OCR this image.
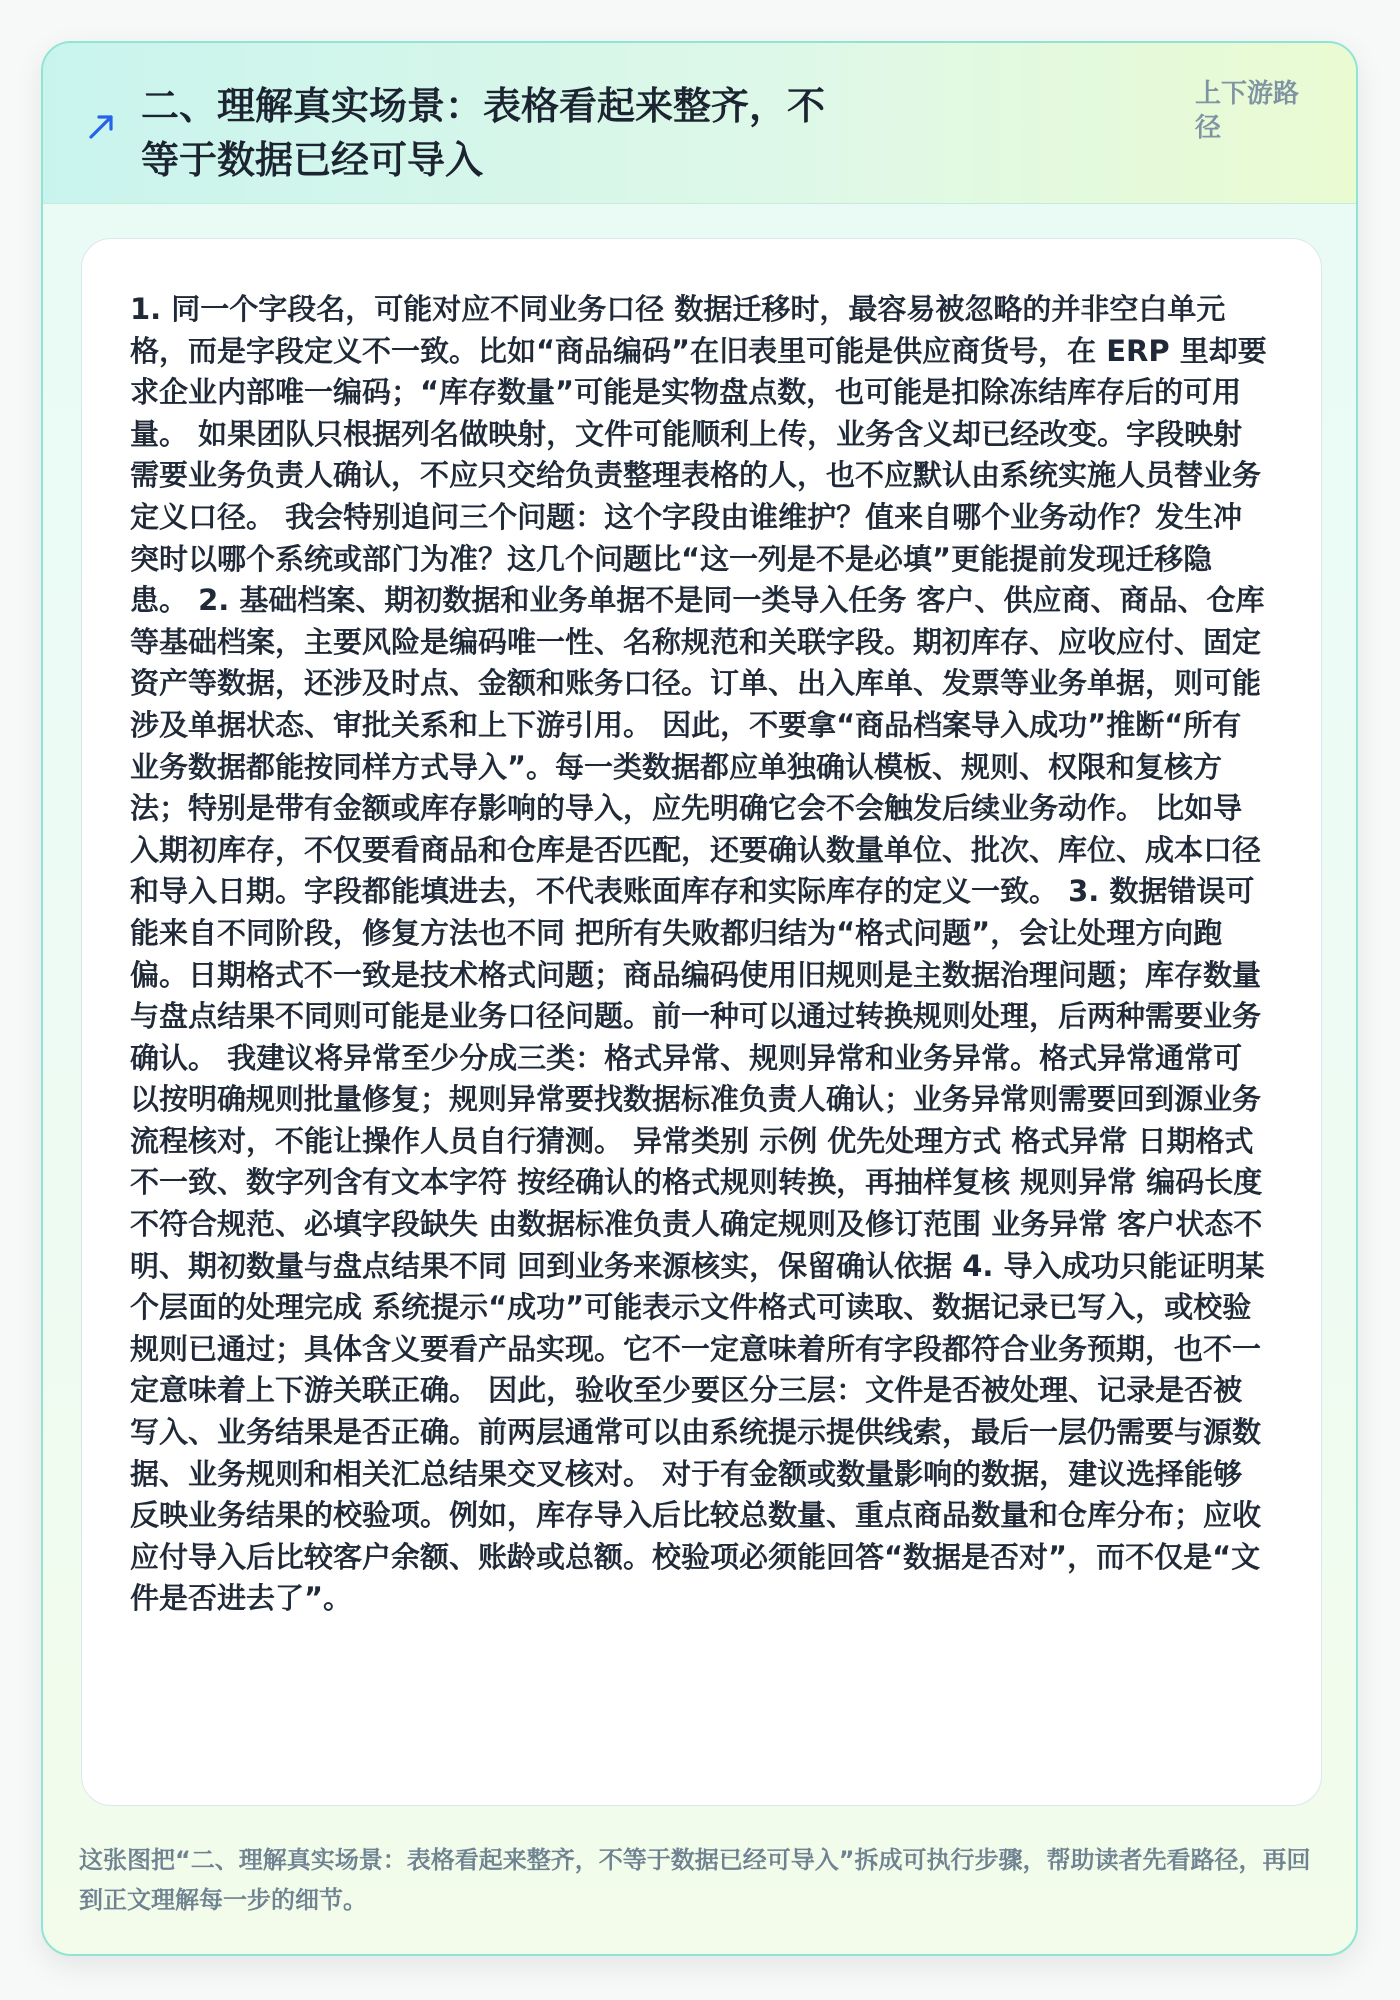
二、理解真实场景：表格看起来整齐，不等于数据已经可导入
上下游路径

1. 同一个字段名，可能对应不同业务口径 数据迁移时，最容易被忽略的并非空白单元格，而是字段定义不一致。比如“商品编码”在旧表里可能是供应商货号，在 ERP 里却要求企业内部唯一编码；“库存数量”可能是实物盘点数，也可能是扣除冻结库存后的可用量。 如果团队只根据列名做映射，文件可能顺利上传，业务含义却已经改变。字段映射需要业务负责人确认，不应只交给负责整理表格的人，也不应默认由系统实施人员替业务定义口径。 我会特别追问三个问题：这个字段由谁维护？值来自哪个业务动作？发生冲突时以哪个系统或部门为准？这几个问题比“这一列是不是必填”更能提前发现迁移隐患。 2. 基础档案、期初数据和业务单据不是同一类导入任务 客户、供应商、商品、仓库等基础档案，主要风险是编码唯一性、名称规范和关联字段。期初库存、应收应付、固定资产等数据，还涉及时点、金额和账务口径。订单、出入库单、发票等业务单据，则可能涉及单据状态、审批关系和上下游引用。 因此，不要拿“商品档案导入成功”推断“所有业务数据都能按同样方式导入”。每一类数据都应单独确认模板、规则、权限和复核方法；特别是带有金额或库存影响的导入，应先明确它会不会触发后续业务动作。 比如导入期初库存，不仅要看商品和仓库是否匹配，还要确认数量单位、批次、库位、成本口径和导入日期。字段都能填进去，不代表账面库存和实际库存的定义一致。 3. 数据错误可能来自不同阶段，修复方法也不同 把所有失败都归结为“格式问题”，会让处理方向跑偏。日期格式不一致是技术格式问题；商品编码使用旧规则是主数据治理问题；库存数量与盘点结果不同则可能是业务口径问题。前一种可以通过转换规则处理，后两种需要业务确认。 我建议将异常至少分成三类：格式异常、规则异常和业务异常。格式异常通常可以按明确规则批量修复；规则异常要找数据标准负责人确认；业务异常则需要回到源业务流程核对，不能让操作人员自行猜测。 异常类别 示例 优先处理方式 格式异常 日期格式不一致、数字列含有文本字符 按经确认的格式规则转换，再抽样复核 规则异常 编码长度不符合规范、必填字段缺失 由数据标准负责人确定规则及修订范围 业务异常 客户状态不明、期初数量与盘点结果不同 回到业务来源核实，保留确认依据 4. 导入成功只能证明某个层面的处理完成 系统提示“成功”可能表示文件格式可读取、数据记录已写入，或校验规则已通过；具体含义要看产品实现。它不一定意味着所有字段都符合业务预期，也不一定意味着上下游关联正确。 因此，验收至少要区分三层：文件是否被处理、记录是否被写入、业务结果是否正确。前两层通常可以由系统提示提供线索，最后一层仍需要与源数据、业务规则和相关汇总结果交叉核对。 对于有金额或数量影响的数据，建议选择能够反映业务结果的校验项。例如，库存导入后比较总数量、重点商品数量和仓库分布；应收应付导入后比较客户余额、账龄或总额。校验项必须能回答“数据是否对”，而不仅是“文件是否进去了”。

这张图把“二、理解真实场景：表格看起来整齐，不等于数据已经可导入”拆成可执行步骤，帮助读者先看路径，再回到正文理解每一步的细节。
